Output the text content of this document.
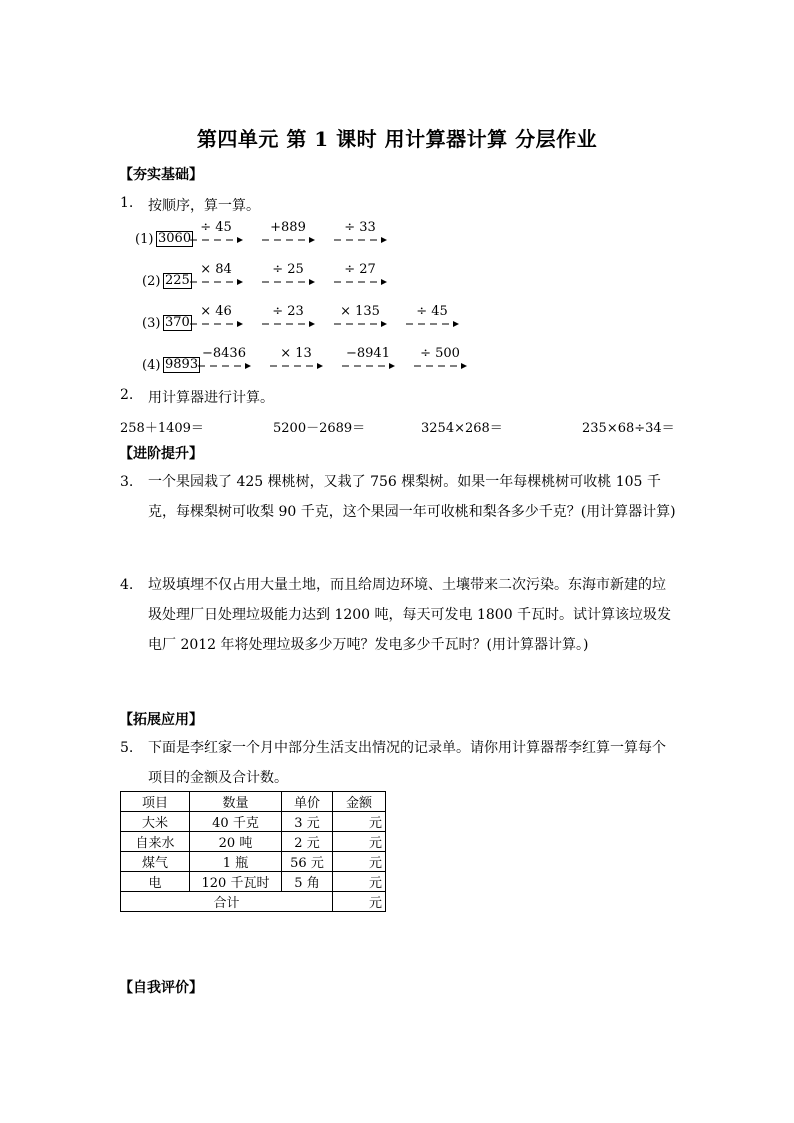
第四单元 第 1 课时 用计算器计算 分层作业
【夯实基础】
1. 按顺序，算一算。
(1) 3060
÷ 45	+889	÷ 33
(2) 225
× 84	÷ 25	÷ 27
(3) 370
× 46	÷ 23	× 135	÷ 45
(4) 9893
−8436	× 13	−8941	÷ 500
2. 用计算器进行计算。
258＋1409＝	5200－2689＝	3254×268＝	235×68÷34＝
【进阶提升】
3. 一个果园栽了 425 棵桃树，又栽了 756 棵梨树。如果一年每棵桃树可收桃 105 千克，每棵梨树可收梨 90 千克，这个果园一年可收桃和梨各多少千克？(用计算器计算)
4. 垃圾填埋不仅占用大量土地，而且给周边环境、土壤带来二次污染。东海市新建的垃圾处理厂日处理垃圾能力达到 1200 吨，每天可发电 1800 千瓦时。试计算该垃圾发电厂 2012 年将处理垃圾多少万吨？发电多少千瓦时？(用计算器计算。)
【拓展应用】
5. 下面是李红家一个月中部分生活支出情况的记录单。请你用计算器帮李红算一算每个项目的金额及合计数。
项目	数量	单价	金额
大米	40 千克	3 元	元
自来水	20 吨	2 元	元
煤气	1 瓶	56 元	元
电	120 千瓦时	5 角	元
合计			元
【自我评价】
